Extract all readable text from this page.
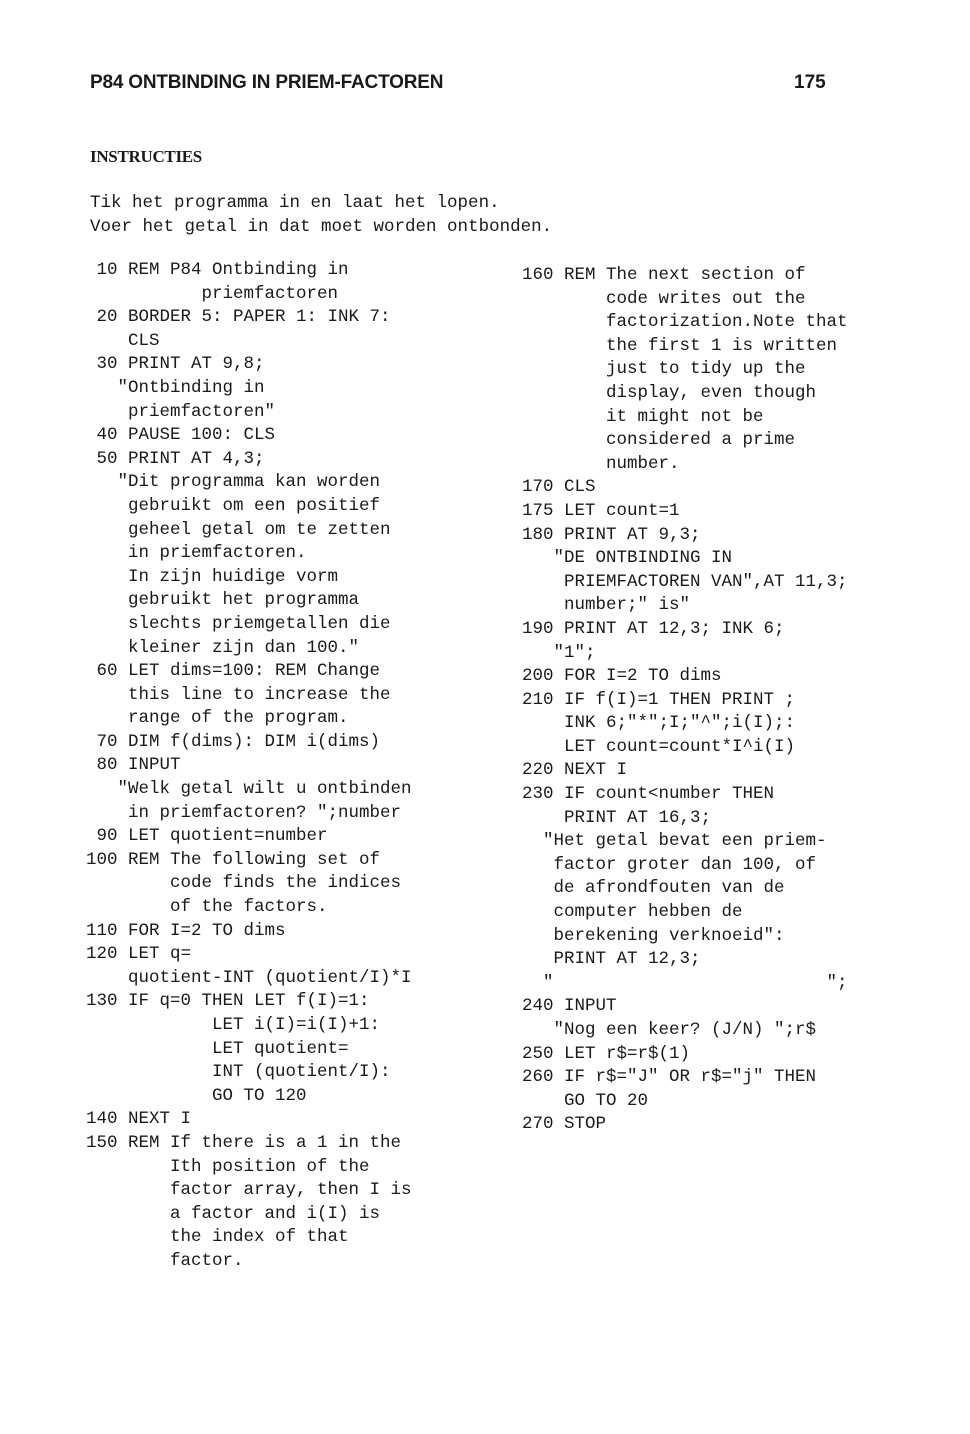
P84 ONTBINDING IN PRIEM-FACTOREN	175
INSTRUCTIES

Tik het programma in en laat het lopen.

Voer het getal in dat moet worden ontbonden.

10 REM P84 Ontbinding in
priemfactoren
20 BORDER 5: PAPER 1: INK 7:
CLS
30 PRINT AT 9,8;
"Ontbinding in
priemfactoren"
40 PAUSE 100: CLS
50 PRINT AT 4,3;
"Dit programma kan worden
gebruikt om een positief
geheel getal om te zetten
in priemfactoren.
In zijn huidige vorm
gebruikt het programma
slechts priemgetallen die
kleiner zijn dan 100."
60 LET dims=100: REM Change
this line to increase the
range of the program.
70 DIM f(dims): DIM i(dims)
80 INPUT
"Welk getal wilt u ontbinden
in priemfactoren? ";number
90 LET quotient=number
100 REM The following set of
code finds the indices
of the factors.
110 FOR I=2 TO dims
120 LET q=
quotient-INT (quotient/I)*I
130 IF q=0 THEN LET f(I)=1:
LET i(I)=i(I)+1:
LET quotient=
INT (quotient/I):
GO TO 120
140 NEXT I
150 REM If there is a 1 in the
Ith position of the
factor array, then I is
a factor and i(I) is
the index of that
factor.
160 REM The next section of
code writes out the
factorization.Note that
the first 1 is written
just to tidy up the
display, even though
it might not be
considered a prime
number.
170 CLS
175 LET count=1
180 PRINT AT 9,3;
"DE ONTBINDING IN
PRIEMFACTOREN VAN",AT 11,3;
number;" is"
190 PRINT AT 12,3; INK 6;
"1";
200 FOR I=2 TO dims
210 IF f(I)=1 THEN PRINT ;
INK 6;"*";I;"^";i(I);:
LET count=count*I^i(I)
220 NEXT I
230 IF count<number THEN
PRINT AT 16,3;
"Het getal bevat een priem-
factor groter dan 100, of
de afrondfouten van de
computer hebben de
berekening verknoeid":
PRINT AT 12,3;
"                          ";
240 INPUT
"Nog een keer? (J/N) ";r$
250 LET r$=r$(1)
260 IF r$="J" OR r$="j" THEN
GO TO 20
270 STOP
